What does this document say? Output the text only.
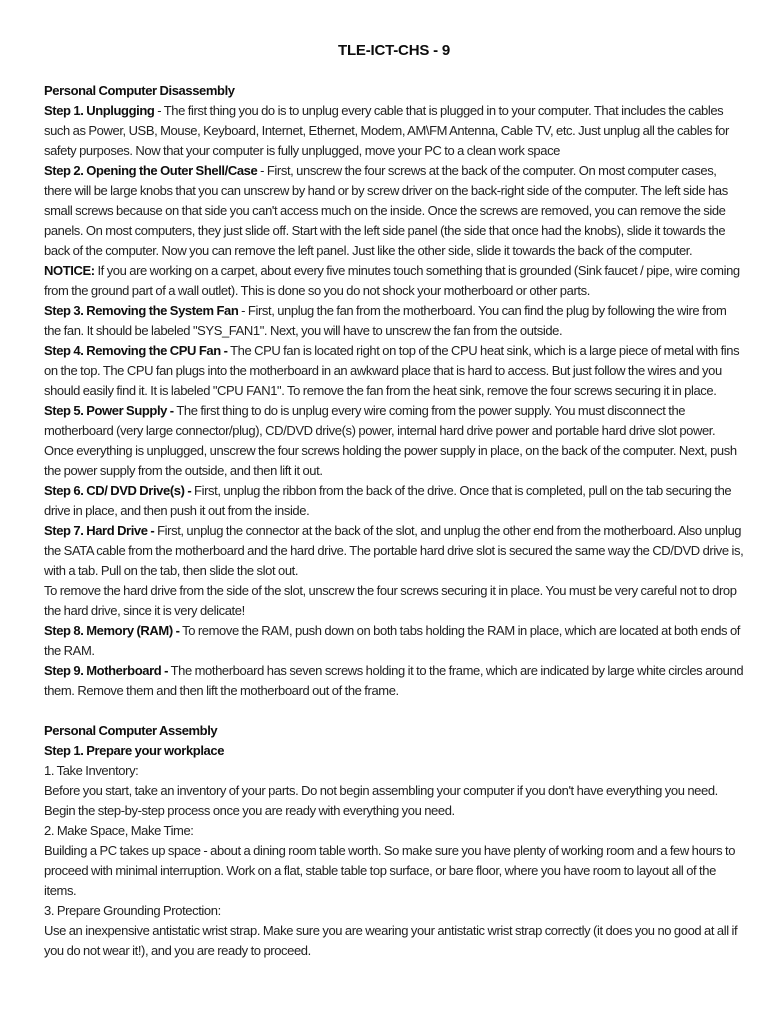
TLE-ICT-CHS - 9

Personal Computer Disassembly

Step 1. Unplugging - The first thing you do is to unplug every cable that is plugged in to your computer. That includes the cables such as Power, USB, Mouse, Keyboard, Internet, Ethernet, Modem, AM\FM Antenna, Cable TV, etc. Just unplug all the cables for safety purposes. Now that your computer is fully unplugged, move your PC to a clean work space

Step 2. Opening the Outer Shell/Case - First, unscrew the four screws at the back of the computer. On most computer cases, there will be large knobs that you can unscrew by hand or by screw driver on the back-right side of the computer. The left side has small screws because on that side you can't access much on the inside. Once the screws are removed, you can remove the side panels. On most computers, they just slide off. Start with the left side panel (the side that once had the knobs), slide it towards the back of the computer. Now you can remove the left panel. Just like the other side, slide it towards the back of the computer.

NOTICE: If you are working on a carpet, about every five minutes touch something that is grounded (Sink faucet / pipe, wire coming from the ground part of a wall outlet). This is done so you do not shock your motherboard or other parts.

Step 3. Removing the System Fan - First, unplug the fan from the motherboard. You can find the plug by following the wire from the fan. It should be labeled "SYS_FAN1". Next, you will have to unscrew the fan from the outside.

Step 4. Removing the CPU Fan - The CPU fan is located right on top of the CPU heat sink, which is a large piece of metal with fins on the top. The CPU fan plugs into the motherboard in an awkward place that is hard to access. But just follow the wires and you should easily find it. It is labeled "CPU FAN1". To remove the fan from the heat sink, remove the four screws securing it in place.

Step 5. Power Supply - The first thing to do is unplug every wire coming from the power supply. You must disconnect the motherboard (very large connector/plug), CD/DVD drive(s) power, internal hard drive power and portable hard drive slot power. Once everything is unplugged, unscrew the four screws holding the power supply in place, on the back of the computer. Next, push the power supply from the outside, and then lift it out.

Step 6. CD/ DVD Drive(s) - First, unplug the ribbon from the back of the drive. Once that is completed, pull on the tab securing the drive in place, and then push it out from the inside.

Step 7. Hard Drive - First, unplug the connector at the back of the slot, and unplug the other end from the motherboard. Also unplug the SATA cable from the motherboard and the hard drive. The portable hard drive slot is secured the same way the CD/DVD drive is, with a tab. Pull on the tab, then slide the slot out.

To remove the hard drive from the side of the slot, unscrew the four screws securing it in place. You must be very careful not to drop the hard drive, since it is very delicate!

Step 8. Memory (RAM) - To remove the RAM, push down on both tabs holding the RAM in place, which are located at both ends of the RAM.

Step 9. Motherboard - The motherboard has seven screws holding it to the frame, which are indicated by large white circles around them. Remove them and then lift the motherboard out of the frame.

Personal Computer Assembly

Step 1. Prepare your workplace

1. Take Inventory:

Before you start, take an inventory of your parts. Do not begin assembling your computer if you don't have everything you need. Begin the step-by-step process once you are ready with everything you need.

2. Make Space, Make Time:

Building a PC takes up space - about a dining room table worth. So make sure you have plenty of working room and a few hours to proceed with minimal interruption. Work on a flat, stable table top surface, or bare floor, where you have room to layout all of the items.

3. Prepare Grounding Protection:

Use an inexpensive antistatic wrist strap. Make sure you are wearing your antistatic wrist strap correctly (it does you no good at all if you do not wear it!), and you are ready to proceed.
